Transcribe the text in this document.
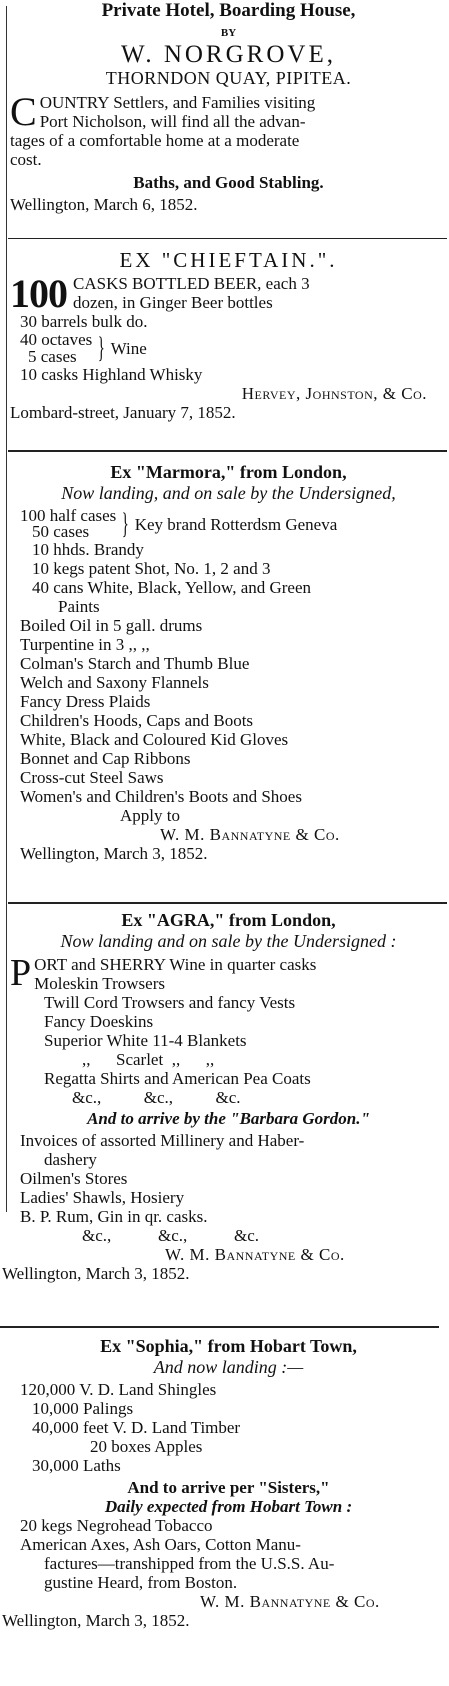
Private Hotel, Boarding House,
BY
W. NORGROVE,
THORNDON QUAY, PIPITEA.
C OUNTRY Settlers, and Families visiting
Port Nicholson, will find all the advan-
tages of a comfortable home at a moderate
cost.
Baths, and Good Stabling.
Wellington, March 6, 1852.
EX "CHIEFTAIN.".
100 CASKS BOTTLED BEER, each 3
dozen, in Ginger Beer bottles
30 barrels bulk do.
40 octaves
5 cases } Wine
10 casks Highland Whisky
Hervey, Johnston, & Co.
Lombard-street, January 7, 1852.
Ex "Marmora," from London,
Now landing, and on sale by the Undersigned,
100 half cases
50 cases	} Key brand Rotterdsm Geneva
10 hhds. Brandy
10 kegs patent Shot, No. 1, 2 and 3
40 cans White, Black, Yellow, and Green
Paints
Boiled Oil in 5 gall. drums
Turpentine in 3 ,, ,,
Colman's Starch and Thumb Blue
Welch and Saxony Flannels
Fancy Dress Plaids
Children's Hoods, Caps and Boots
White, Black and Coloured Kid Gloves
Bonnet and Cap Ribbons
Cross-cut Steel Saws
Women's and Children's Boots and Shoes
Apply to
W. M. Bannatyne & Co.
Wellington, March 3, 1852.
Ex "AGRA," from London,
Now landing and on sale by the Undersigned :
P ORT and SHERRY Wine in quarter casks
Moleskin Trowsers
Twill Cord Trowsers and fancy Vests
Fancy Doeskins
Superior White 11-4 Blankets
,,      Scarlet  ,,      ,,
Regatta Shirts and American Pea Coats
&c.,          &c.,          &c.
And to arrive by the "Barbara Gordon."
Invoices of assorted Millinery and Haber-
dashery
Oilmen's Stores
Ladies' Shawls, Hosiery
B. P. Rum, Gin in qr. casks.
&c.,           &c.,           &c.
W. M. Bannatyne & Co.
Wellington, March 3, 1852.
Ex "Sophia," from Hobart Town,
And now landing :—
120,000 V. D. Land Shingles
10,000 Palings
40,000 feet V. D. Land Timber
20 boxes Apples
30,000 Laths
And to arrive per "Sisters,"
Daily expected from Hobart Town :
20 kegs Negrohead Tobacco
American Axes, Ash Oars, Cotton Manu-
factures—transhipped from the U.S.S. Au-
gustine Heard, from Boston.
W. M. Bannatyne & Co.
Wellington, March 3, 1852.
